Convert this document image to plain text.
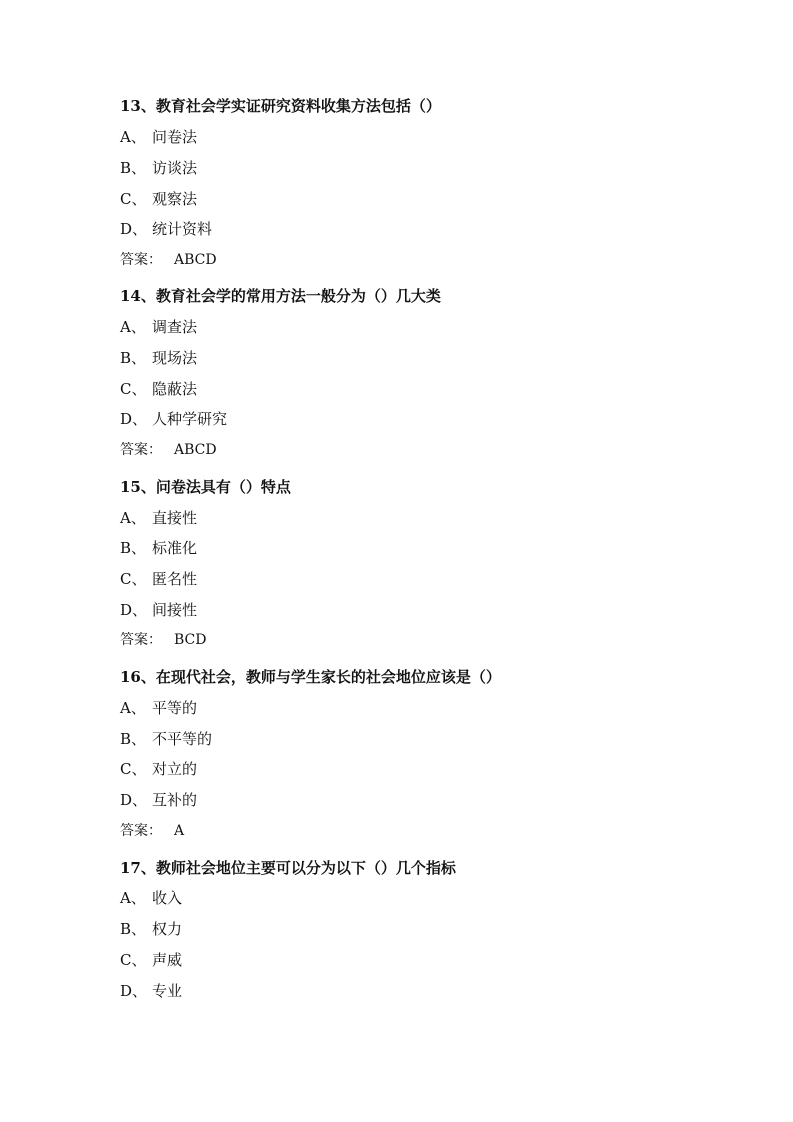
13、教育社会学实证研究资料收集方法包括（）
A、 问卷法
B、 访谈法
C、 观察法
D、 统计资料
答案： ABCD
14、教育社会学的常用方法一般分为（）几大类
A、 调查法
B、 现场法
C、 隐蔽法
D、 人种学研究
答案： ABCD
15、问卷法具有（）特点
A、 直接性
B、 标准化
C、 匿名性
D、 间接性
答案： BCD
16、在现代社会，教师与学生家长的社会地位应该是（）
A、 平等的
B、 不平等的
C、 对立的
D、 互补的
答案： A
17、教师社会地位主要可以分为以下（）几个指标
A、 收入
B、 权力
C、 声威
D、 专业
